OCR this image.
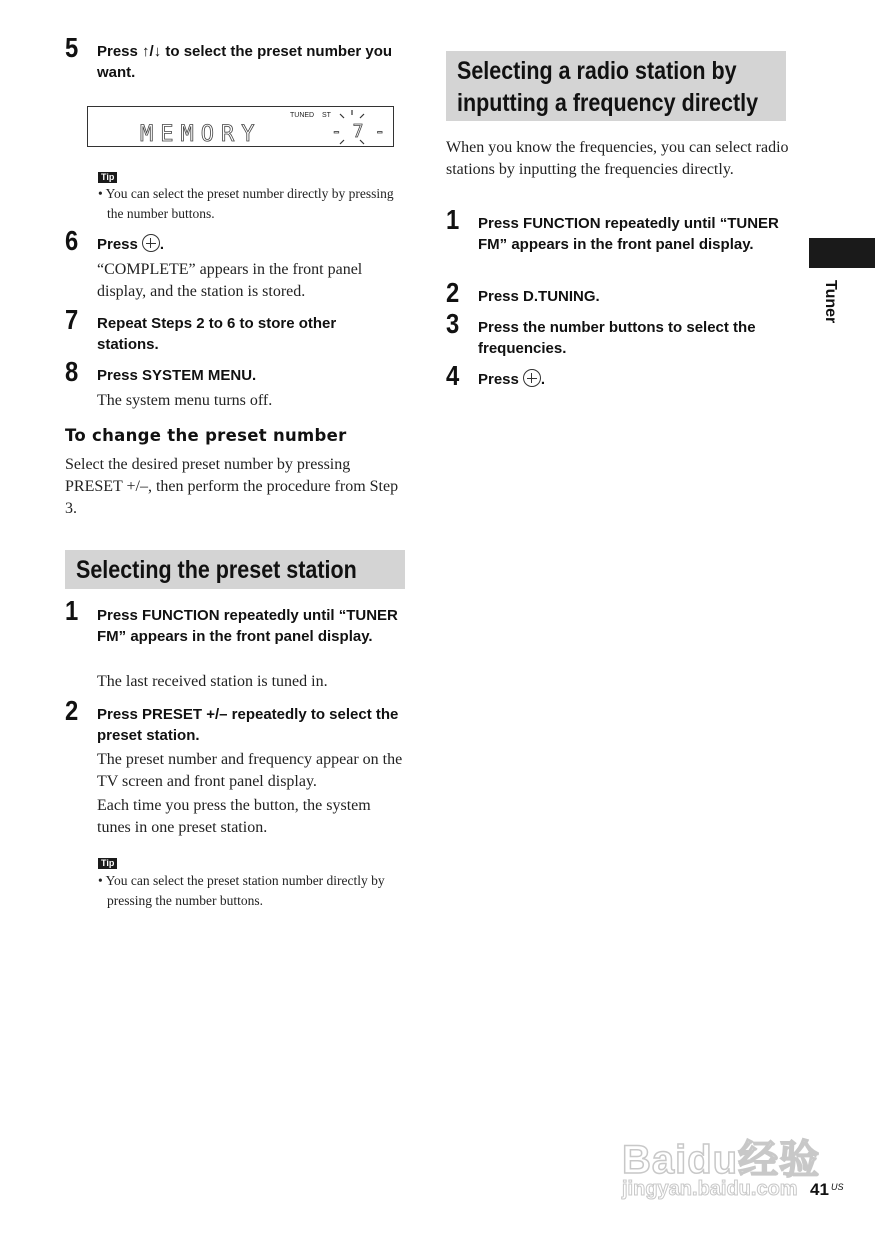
5 Press ↑/↓ to select the preset number you want.
MEMORY
TUNED ST
- 7 -
Tip
• You can select the preset number directly by pressing the number buttons.
6 Press .
“COMPLETE” appears in the front panel display, and the station is stored.
7 Repeat Steps 2 to 6 to store other stations.
8 Press SYSTEM MENU.
The system menu turns off.
To change the preset number
Select the desired preset number by pressing PRESET +/–, then perform the procedure from Step 3.
Selecting the preset station
1 Press FUNCTION repeatedly until “TUNER FM” appears in the front panel display.
The last received station is tuned in.
2 Press PRESET +/– repeatedly to select the preset station.
The preset number and frequency appear on the TV screen and front panel display.
Each time you press the button, the system tunes in one preset station.
Tip
• You can select the preset station number directly by pressing the number buttons.
Selecting a radio station by
inputting a frequency directly
When you know the frequencies, you can select radio stations by inputting the frequencies directly.
1 Press FUNCTION repeatedly until “TUNER FM” appears in the front panel display.
2 Press D.TUNING.
3 Press the number buttons to select the frequencies.
4 Press .
Tuner
Baidu经验
jingyan.baidu.com 41 US
